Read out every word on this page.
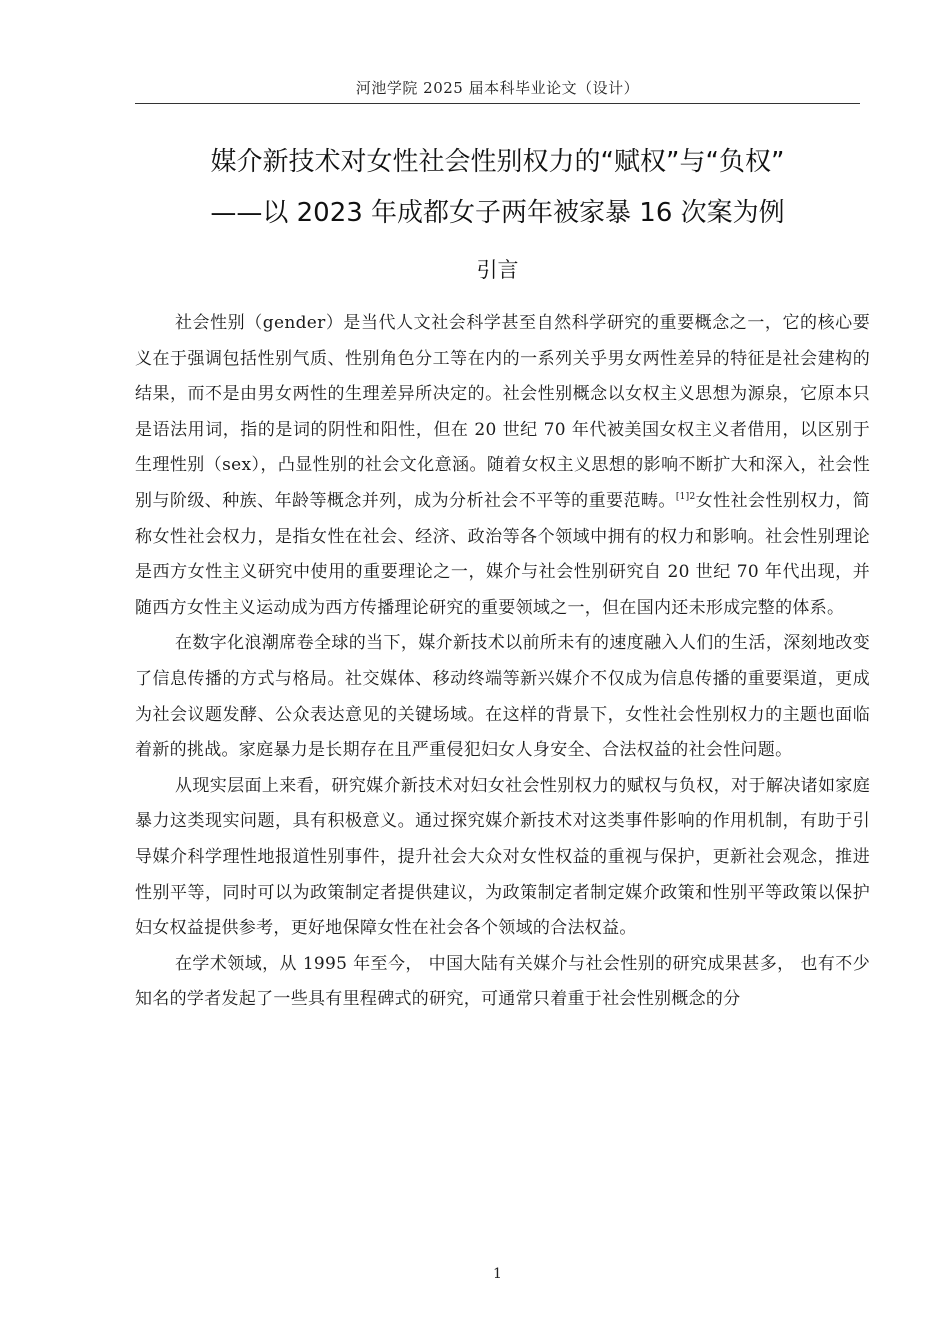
河池学院 2025 届本科毕业论文（设计）
媒介新技术对女性社会性别权力的“赋权”与“负权”
——以 2023 年成都女子两年被家暴 16 次案为例
引言

社会性别（gender）是当代人文社会科学甚至自然科学研究的重要概念之一，它的核心要义在于强调包括性别气质、性别角色分工等在内的一系列关乎男女两性差异的特征是社会建构的结果，而不是由男女两性的生理差异所决定的。社会性别概念以女权主义思想为源泉，它原本只是语法用词，指的是词的阴性和阳性，但在 20 世纪 70 年代被美国女权主义者借用，以区别于生理性别（sex），凸显性别的社会文化意涵。随着女权主义思想的影响不断扩大和深入，社会性别与阶级、种族、年龄等概念并列，成为分析社会不平等的重要范畴。$^{[1]2}$女性社会性别权力，简称女性社会权力，是指女性在社会、经济、政治等各个领域中拥有的权力和影响。社会性别理论是西方女性主义研究中使用的重要理论之一，媒介与社会性别研究自 20 世纪 70 年代出现，并随西方女性主义运动成为西方传播理论研究的重要领域之一，但在国内还未形成完整的体系。

在数字化浪潮席卷全球的当下，媒介新技术以前所未有的速度融入人们的生活，深刻地改变了信息传播的方式与格局。社交媒体、移动终端等新兴媒介不仅成为信息传播的重要渠道，更成为社会议题发酵、公众表达意见的关键场域。在这样的背景下，女性社会性别权力的主题也面临着新的挑战。家庭暴力是长期存在且严重侵犯妇女人身安全、合法权益的社会性问题。

从现实层面上来看，研究媒介新技术对妇女社会性别权力的赋权与负权，对于解决诸如家庭暴力这类现实问题，具有积极意义。通过探究媒介新技术对这类事件影响的作用机制，有助于引导媒介科学理性地报道性别事件，提升社会大众对女性权益的重视与保护，更新社会观念，推进性别平等，同时可以为政策制定者提供建议，为政策制定者制定媒介政策和性别平等政策以保护妇女权益提供参考，更好地保障女性在社会各个领域的合法权益。

在学术领域，从 1995 年至今， 中国大陆有关媒介与社会性别的研究成果甚多， 也有不少知名的学者发起了一些具有里程碑式的研究，可通常只着重于社会性别概念的分

1
